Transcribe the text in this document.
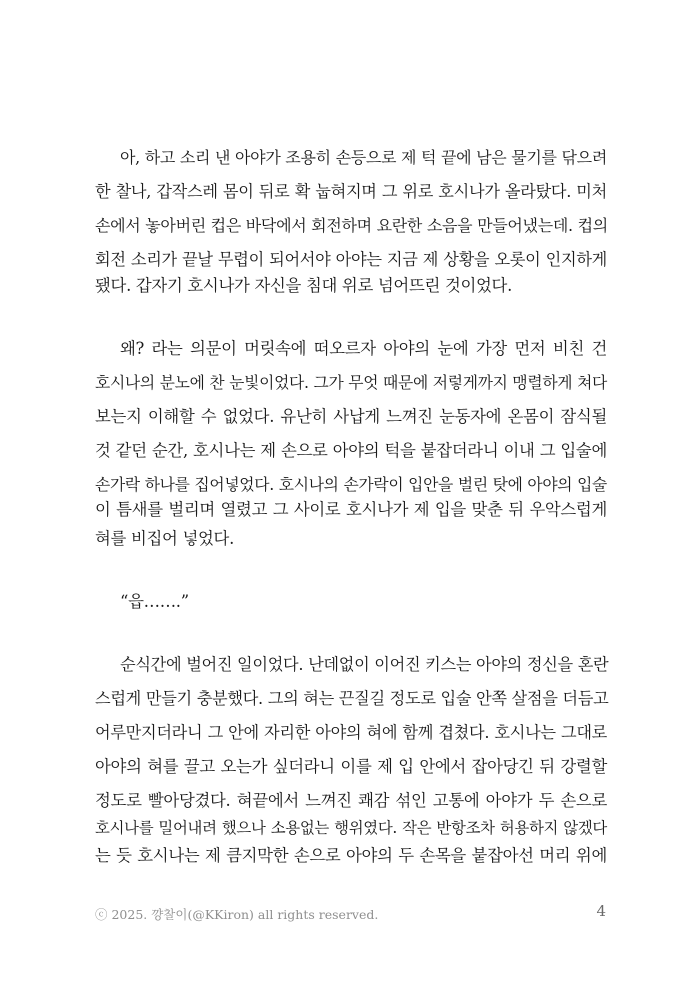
아, 하고 소리 낸 아야가 조용히 손등으로 제 턱 끝에 남은 물기를 닦으려
한 찰나, 갑작스레 몸이 뒤로 확 눕혀지며 그 위로 호시나가 올라탔다. 미처
손에서 놓아버린 컵은 바닥에서 회전하며 요란한 소음을 만들어냈는데. 컵의
회전 소리가 끝날 무렵이 되어서야 아야는 지금 제 상황을 오롯이 인지하게
됐다. 갑자기 호시나가 자신을 침대 위로 넘어뜨린 것이었다.
왜? 라는 의문이 머릿속에 떠오르자 아야의 눈에 가장 먼저 비친 건
호시나의 분노에 찬 눈빛이었다. 그가 무엇 때문에 저렇게까지 맹렬하게 쳐다
보는지 이해할 수 없었다. 유난히 사납게 느껴진 눈동자에 온몸이 잠식될
것 같던 순간, 호시나는 제 손으로 아야의 턱을 붙잡더라니 이내 그 입술에
손가락 하나를 집어넣었다. 호시나의 손가락이 입안을 벌린 탓에 아야의 입술
이 틈새를 벌리며 열렸고 그 사이로 호시나가 제 입을 맞춘 뒤 우악스럽게
혀를 비집어 넣었다.
“읍…….”
순식간에 벌어진 일이었다. 난데없이 이어진 키스는 아야의 정신을 혼란
스럽게 만들기 충분했다. 그의 혀는 끈질길 정도로 입술 안쪽 살점을 더듬고
어루만지더라니 그 안에 자리한 아야의 혀에 함께 겹쳤다. 호시나는 그대로
아야의 혀를 끌고 오는가 싶더라니 이를 제 입 안에서 잡아당긴 뒤 강렬할
정도로 빨아당겼다. 혀끝에서 느껴진 쾌감 섞인 고통에 아야가 두 손으로
호시나를 밀어내려 했으나 소용없는 행위였다. 작은 반항조차 허용하지 않겠다
는 듯 호시나는 제 큼지막한 손으로 아야의 두 손목을 붙잡아선 머리 위에
ⓒ 2025. 꺙찰이(@KKiron) all rights reserved.	4
